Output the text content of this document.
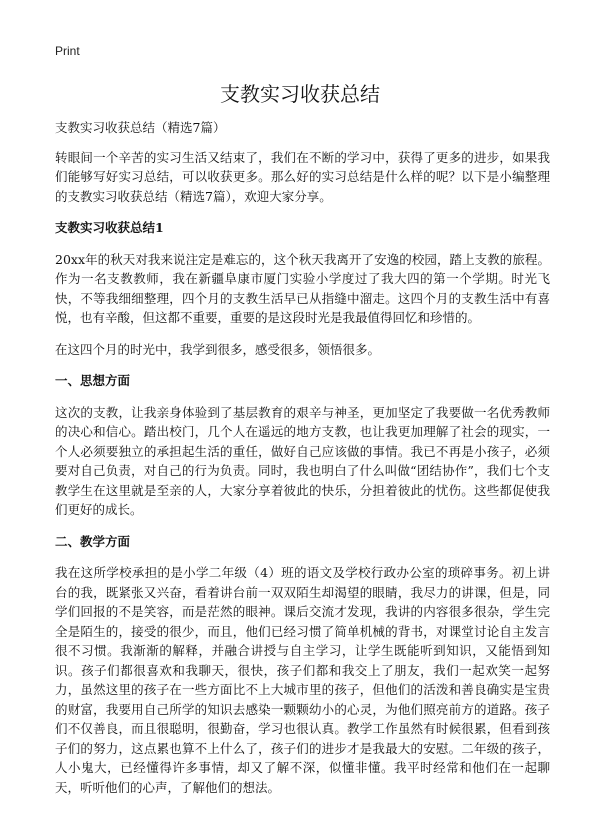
Print
支教实习收获总结

支教实习收获总结（精选7篇）

转眼间一个辛苦的实习生活又结束了，我们在不断的学习中，获得了更多的进步，如果我们能够写好实习总结，可以收获更多。那么好的实习总结是什么样的呢？以下是小编整理的支教实习收获总结（精选7篇），欢迎大家分享。

支教实习收获总结1

20xx年的秋天对我来说注定是难忘的，这个秋天我离开了安逸的校园，踏上支教的旅程。作为一名支教教师，我在新疆阜康市厦门实验小学度过了我大四的第一个学期。时光飞快，不等我细细整理，四个月的支教生活早已从指缝中溜走。这四个月的支教生活中有喜悦，也有辛酸，但这都不重要，重要的是这段时光是我最值得回忆和珍惜的。

在这四个月的时光中，我学到很多，感受很多，领悟很多。

一、思想方面

这次的支教，让我亲身体验到了基层教育的艰辛与神圣，更加坚定了我要做一名优秀教师的决心和信心。踏出校门，几个人在遥远的地方支教，也让我更加理解了社会的现实，一个人必须要独立的承担起生活的重任，做好自己应该做的事情。我已不再是小孩子，必须要对自己负责，对自己的行为负责。同时，我也明白了什么叫做“团结协作”，我们七个支教学生在这里就是至亲的人，大家分享着彼此的快乐，分担着彼此的忧伤。这些都促使我们更好的成长。

二、教学方面

我在这所学校承担的是小学二年级（4）班的语文及学校行政办公室的琐碎事务。初上讲台的我，既紧张又兴奋，看着讲台前一双双陌生却渴望的眼睛，我尽力的讲课，但是，同学们回报的不是笑容，而是茫然的眼神。课后交流才发现，我讲的内容很多很杂，学生完全是陌生的，接受的很少，而且，他们已经习惯了简单机械的背书，对课堂讨论自主发言很不习惯。我渐渐的解释，并融合讲授与自主学习，让学生既能听到知识，又能悟到知识。孩子们都很喜欢和我聊天，很快，孩子们都和我交上了朋友，我们一起欢笑一起努力，虽然这里的孩子在一些方面比不上大城市里的孩子，但他们的活泼和善良确实是宝贵的财富，我要用自己所学的知识去感染一颗颗幼小的心灵，为他们照亮前方的道路。孩子们不仅善良，而且很聪明，很勤奋，学习也很认真。教学工作虽然有时候很累，但看到孩子们的努力，这点累也算不上什么了，孩子们的进步才是我最大的安慰。二年级的孩子，人小鬼大，已经懂得许多事情，却又了解不深，似懂非懂。我平时经常和他们在一起聊天，听听他们的心声，了解他们的想法。
